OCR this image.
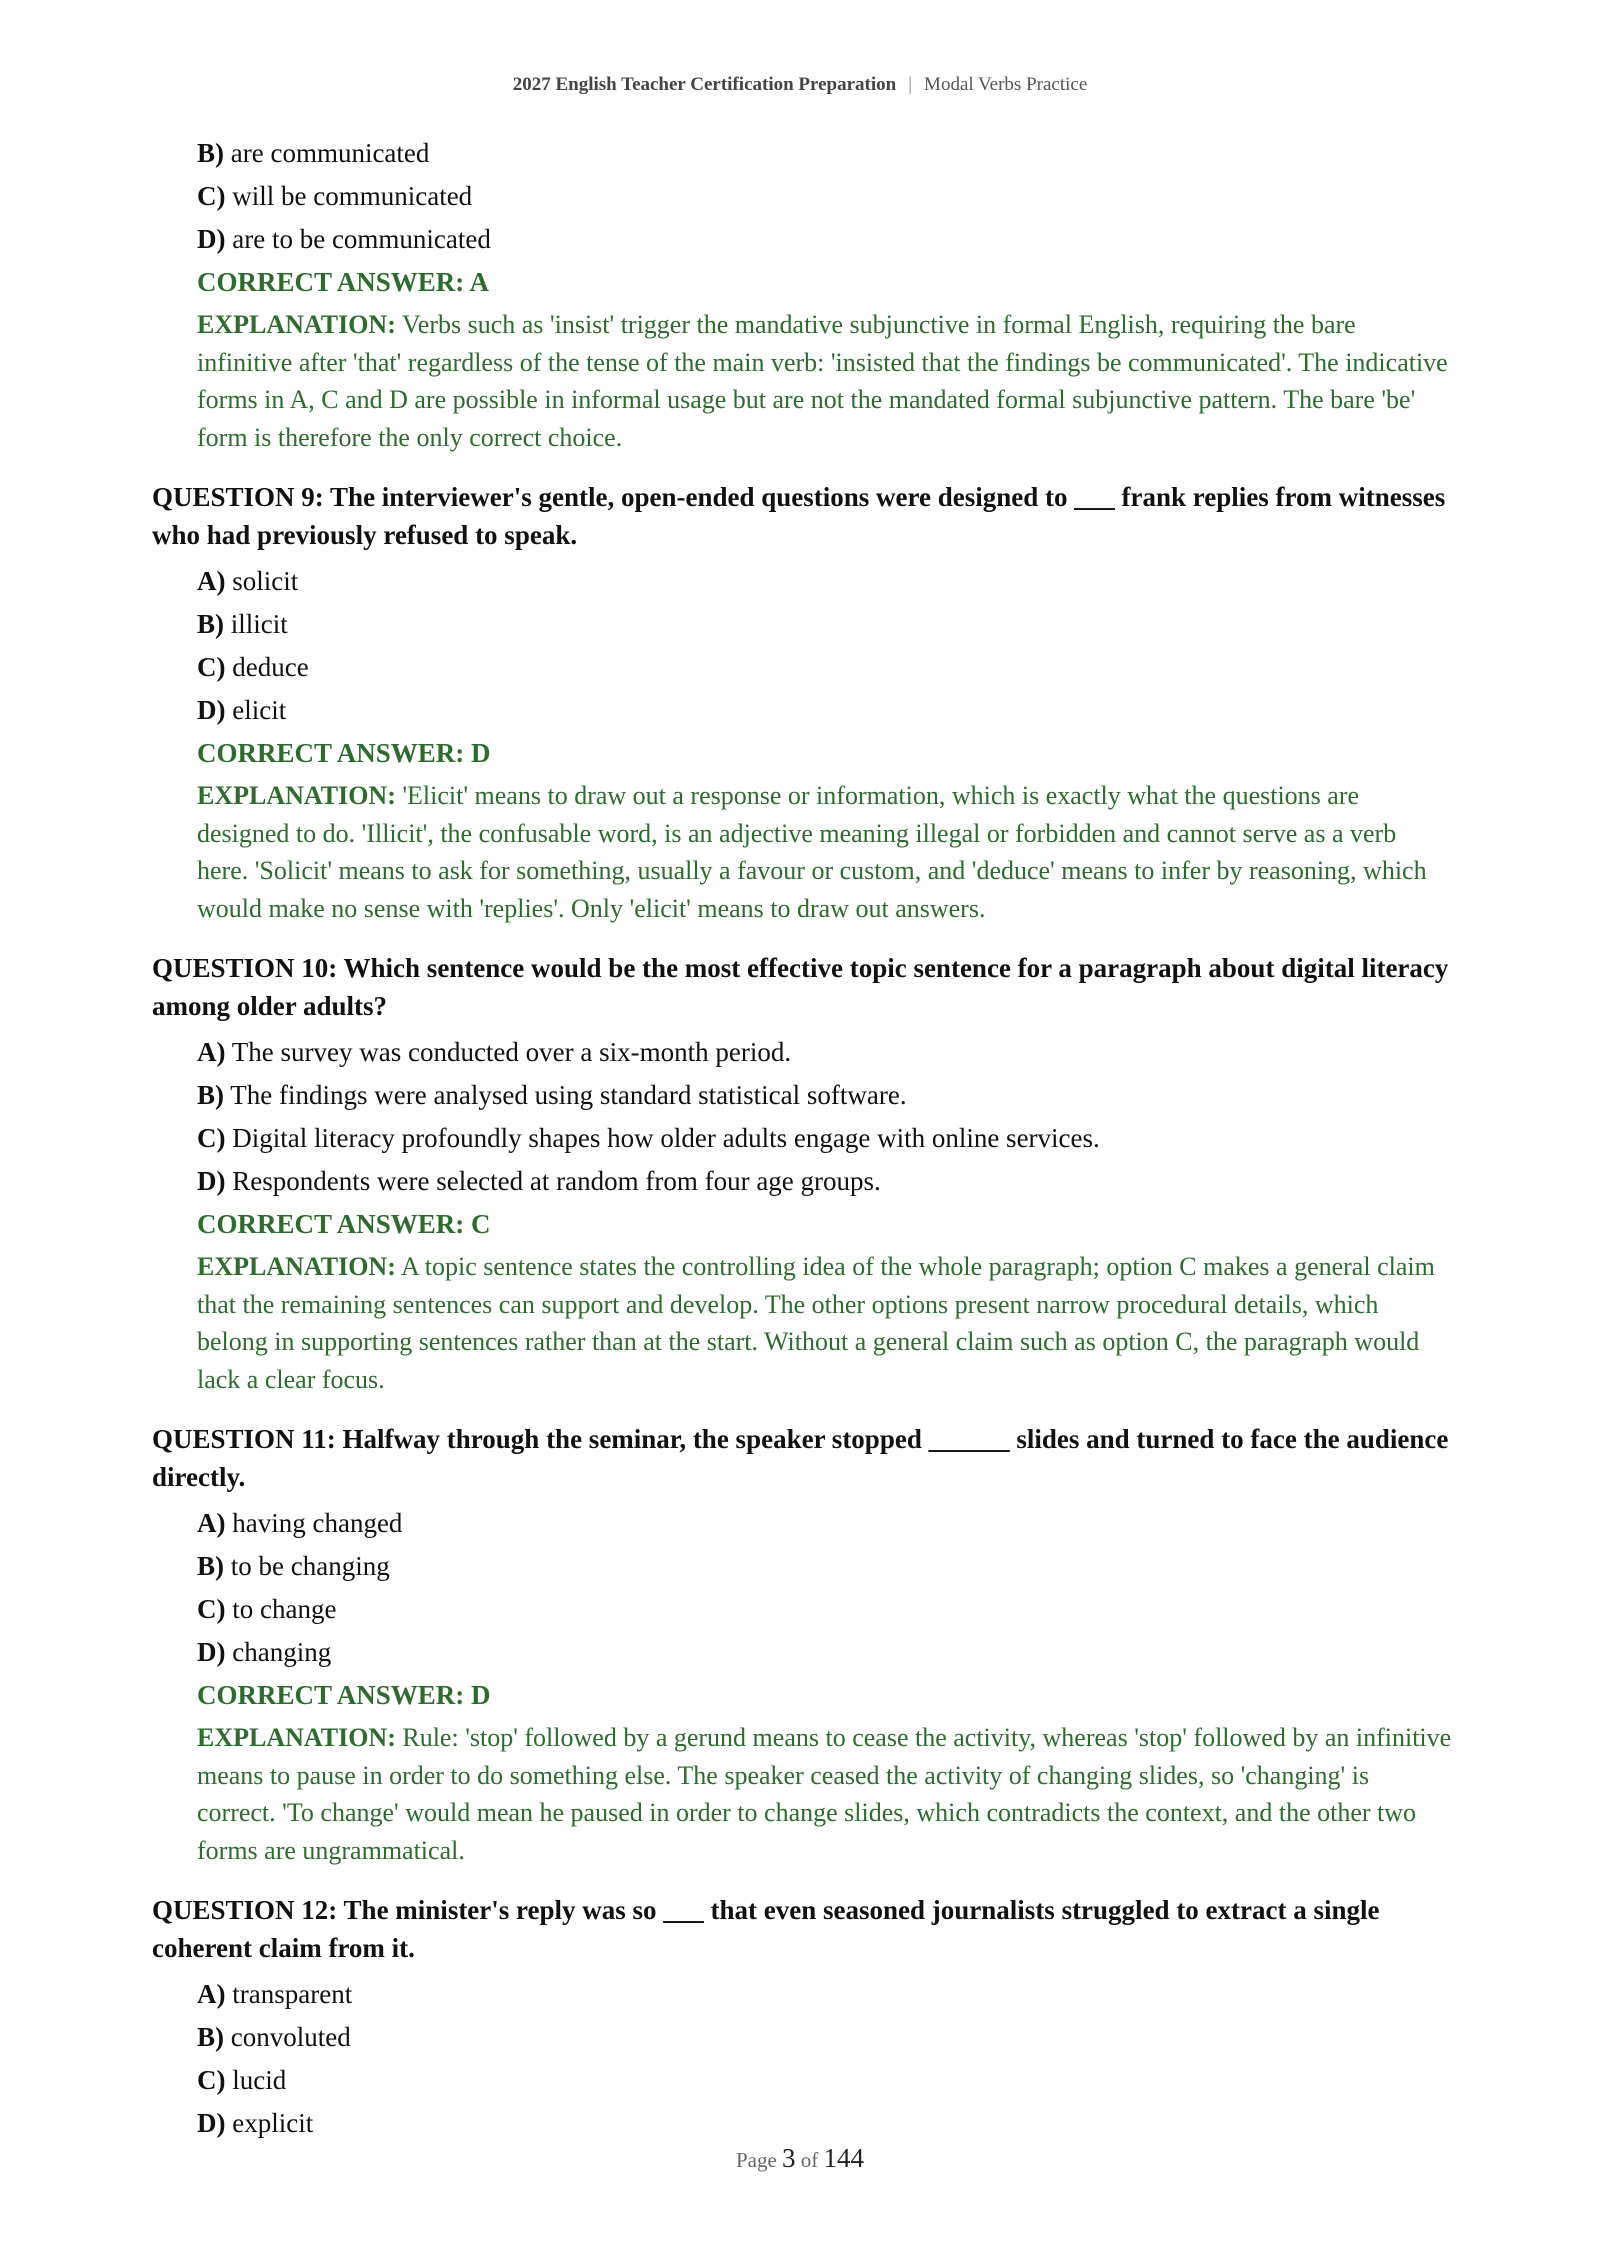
2027 English Teacher Certification Preparation | Modal Verbs Practice
B) are communicated
C) will be communicated
D) are to be communicated
CORRECT ANSWER: A
EXPLANATION: Verbs such as 'insist' trigger the mandative subjunctive in formal English, requiring the bare infinitive after 'that' regardless of the tense of the main verb: 'insisted that the findings be communicated'. The indicative forms in A, C and D are possible in informal usage but are not the mandated formal subjunctive pattern. The bare 'be' form is therefore the only correct choice.
QUESTION 9: The interviewer's gentle, open-ended questions were designed to ___ frank replies from witnesses who had previously refused to speak.
A) solicit
B) illicit
C) deduce
D) elicit
CORRECT ANSWER: D
EXPLANATION: 'Elicit' means to draw out a response or information, which is exactly what the questions are designed to do. 'Illicit', the confusable word, is an adjective meaning illegal or forbidden and cannot serve as a verb here. 'Solicit' means to ask for something, usually a favour or custom, and 'deduce' means to infer by reasoning, which would make no sense with 'replies'. Only 'elicit' means to draw out answers.
QUESTION 10: Which sentence would be the most effective topic sentence for a paragraph about digital literacy among older adults?
A) The survey was conducted over a six-month period.
B) The findings were analysed using standard statistical software.
C) Digital literacy profoundly shapes how older adults engage with online services.
D) Respondents were selected at random from four age groups.
CORRECT ANSWER: C
EXPLANATION: A topic sentence states the controlling idea of the whole paragraph; option C makes a general claim that the remaining sentences can support and develop. The other options present narrow procedural details, which belong in supporting sentences rather than at the start. Without a general claim such as option C, the paragraph would lack a clear focus.
QUESTION 11: Halfway through the seminar, the speaker stopped ______ slides and turned to face the audience directly.
A) having changed
B) to be changing
C) to change
D) changing
CORRECT ANSWER: D
EXPLANATION: Rule: 'stop' followed by a gerund means to cease the activity, whereas 'stop' followed by an infinitive means to pause in order to do something else. The speaker ceased the activity of changing slides, so 'changing' is correct. 'To change' would mean he paused in order to change slides, which contradicts the context, and the other two forms are ungrammatical.
QUESTION 12: The minister's reply was so ___ that even seasoned journalists struggled to extract a single coherent claim from it.
A) transparent
B) convoluted
C) lucid
D) explicit
Page 3 of 144
